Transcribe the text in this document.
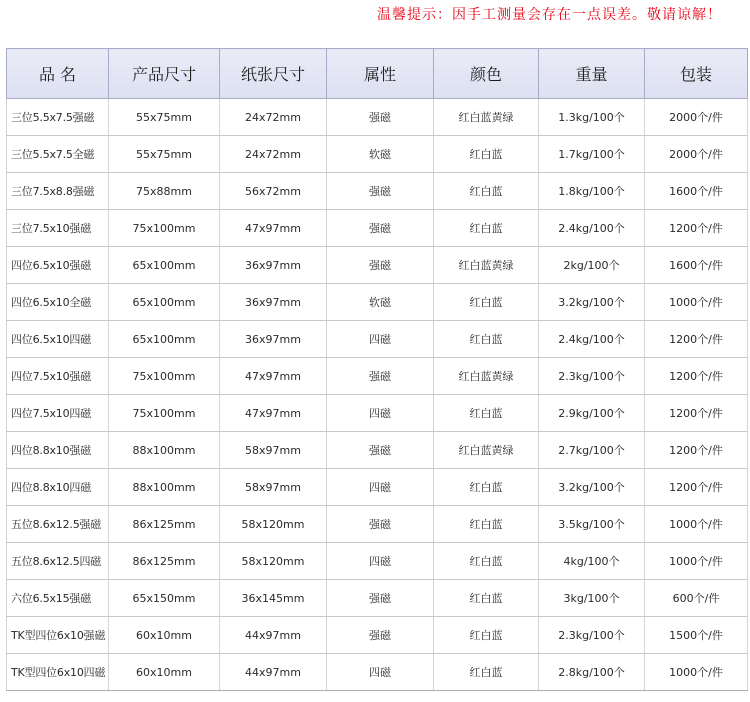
温馨提示：因手工测量会存在一点误差。敬请谅解！
品 名	产品尺寸	纸张尺寸	属性	颜色	重量	包装
三位5.5x7.5强磁	55x75mm	24x72mm	强磁	红白蓝黄绿	1.3kg/100个	2000个/件
三位5.5x7.5全磁	55x75mm	24x72mm	软磁	红白蓝	1.7kg/100个	2000个/件
三位7.5x8.8强磁	75x88mm	56x72mm	强磁	红白蓝	1.8kg/100个	1600个/件
三位7.5x10强磁	75x100mm	47x97mm	强磁	红白蓝	2.4kg/100个	1200个/件
四位6.5x10强磁	65x100mm	36x97mm	强磁	红白蓝黄绿	2kg/100个	1600个/件
四位6.5x10全磁	65x100mm	36x97mm	软磁	红白蓝	3.2kg/100个	1000个/件
四位6.5x10四磁	65x100mm	36x97mm	四磁	红白蓝	2.4kg/100个	1200个/件
四位7.5x10强磁	75x100mm	47x97mm	强磁	红白蓝黄绿	2.3kg/100个	1200个/件
四位7.5x10四磁	75x100mm	47x97mm	四磁	红白蓝	2.9kg/100个	1200个/件
四位8.8x10强磁	88x100mm	58x97mm	强磁	红白蓝黄绿	2.7kg/100个	1200个/件
四位8.8x10四磁	88x100mm	58x97mm	四磁	红白蓝	3.2kg/100个	1200个/件
五位8.6x12.5强磁	86x125mm	58x120mm	强磁	红白蓝	3.5kg/100个	1000个/件
五位8.6x12.5四磁	86x125mm	58x120mm	四磁	红白蓝	4kg/100个	1000个/件
六位6.5x15强磁	65x150mm	36x145mm	强磁	红白蓝	3kg/100个	600个/件
TK型四位6x10强磁	60x10mm	44x97mm	强磁	红白蓝	2.3kg/100个	1500个/件
TK型四位6x10四磁	60x10mm	44x97mm	四磁	红白蓝	2.8kg/100个	1000个/件
